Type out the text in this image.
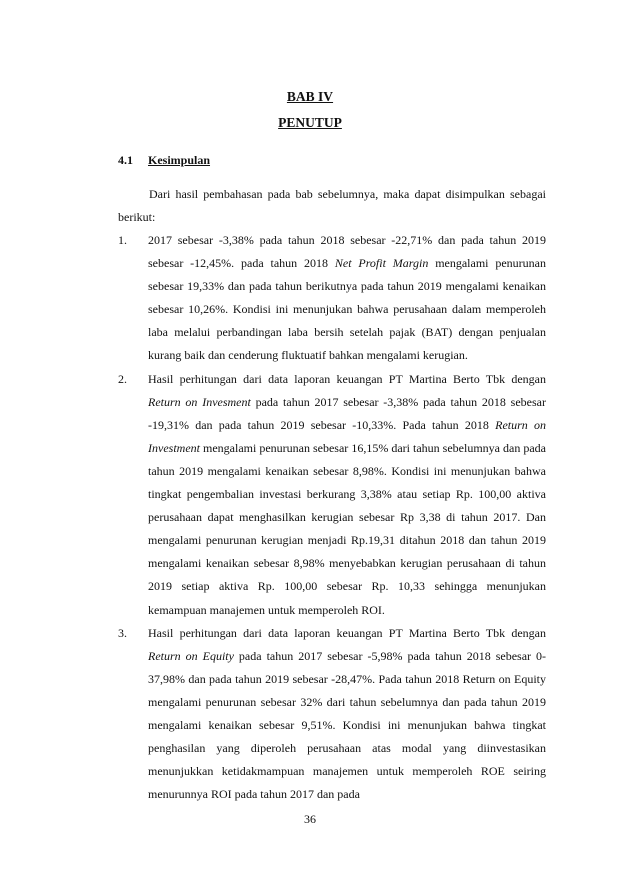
BAB IV
PENUTUP
4.1 Kesimpulan
Dari hasil pembahasan pada bab sebelumnya, maka dapat disimpulkan sebagai berikut:
1. 2017 sebesar -3,38% pada tahun 2018 sebesar -22,71% dan pada tahun 2019 sebesar -12,45%. pada tahun 2018 Net Profit Margin mengalami penurunan sebesar 19,33% dan pada tahun berikutnya pada tahun 2019 mengalami kenaikan sebesar 10,26%. Kondisi ini menunjukan bahwa perusahaan dalam memperoleh laba melalui perbandingan laba bersih setelah pajak (BAT) dengan penjualan kurang baik dan cenderung fluktuatif bahkan mengalami kerugian.
2. Hasil perhitungan dari data laporan keuangan PT Martina Berto Tbk dengan Return on Invesment pada tahun 2017 sebesar -3,38% pada tahun 2018 sebesar -19,31% dan pada tahun 2019 sebesar -10,33%. Pada tahun 2018 Return on Investment mengalami penurunan sebesar 16,15% dari tahun sebelumnya dan pada tahun 2019 mengalami kenaikan sebesar 8,98%. Kondisi ini menunjukan bahwa tingkat pengembalian investasi berkurang 3,38% atau setiap Rp. 100,00 aktiva perusahaan dapat menghasilkan kerugian sebesar Rp 3,38 di tahun 2017. Dan mengalami penurunan kerugian menjadi Rp.19,31 ditahun 2018 dan tahun 2019 mengalami kenaikan sebesar 8,98% menyebabkan kerugian perusahaan di tahun 2019 setiap aktiva Rp. 100,00 sebesar Rp. 10,33 sehingga menunjukan kemampuan manajemen untuk memperoleh ROI.
3. Hasil perhitungan dari data laporan keuangan PT Martina Berto Tbk dengan Return on Equity pada tahun 2017 sebesar -5,98% pada tahun 2018 sebesar 0-37,98% dan pada tahun 2019 sebesar -28,47%. Pada tahun 2018 Return on Equity mengalami penurunan sebesar 32% dari tahun sebelumnya dan pada tahun 2019 mengalami kenaikan sebesar 9,51%. Kondisi ini menunjukan bahwa tingkat penghasilan yang diperoleh perusahaan atas modal yang diinvestasikan menunjukkan ketidakmampuan manajemen untuk memperoleh ROE seiring menurunnya ROI pada tahun 2017 dan pada
36
